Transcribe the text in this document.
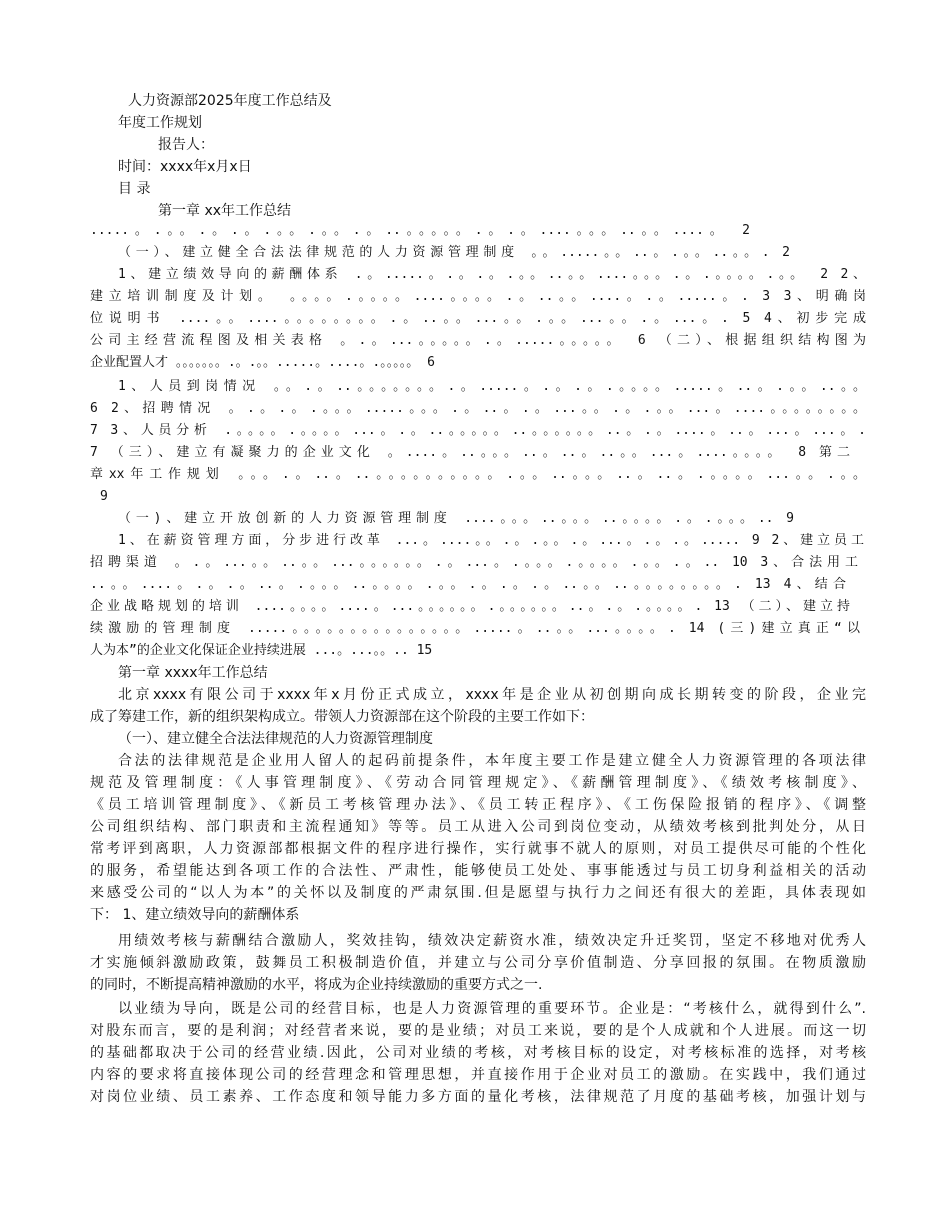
人力资源部2025年度工作总结及
年度工作规划
报告人：
时间：xxxx年x月x日
目 录
第一章 xx年工作总结
.....。.。。.。.。.。。.。。.。..。。。。。.。.。....。。。..。。....。 2
（一）、建立健全合法法律规范的人力资源管理制度 。。.....。。..。.。。..。。. 2
1、建立绩效导向的薪酬体系 .。.....。.。.。.。。..。。....。。。.。.。。。。.。。 2 2、
建立培训制度及计划。 。。。。.。。。。....。。。。.。..。。....。.。.....。. 3 3、明确岗
位说明书 ....。。....。。。。。。。。.。..。。...。。.。。...。。.。...。. 5 4、初步完成
公司主经营流程图及相关表格 。.。...。。。。。.。.....。。。。。 6 （二）、根据组织结构图为
企业配置人才 。。。。。。。.。.。。.....。....。.。。。。。 6
1、人员到岗情况 。。.。..。。。。。。。.。.....。.。.。.。。。。.....。..。.。。..。。
6 2、招聘情况 。.。.。.。。。.....。。。.。..。.。...。。.。.。。...。....。。。。。。。。
7 3、人员分析 .。。。。.。。。。...。.。..。。。。。..。。。。。。..。.。....。..。...。...。.
7 （三）、建立有凝聚力的企业文化 。....。..。。。..。..。..。。...。....。。。。 8 第二
章xx年工作规划 。。。.。..。..。。。。。。。。。。.。。..。。。..。..。.。。。。...。。.。。
9
（一)、建立开放创新的人力资源管理制度 ....。。。..。。。..。。。。.。.。。。.. 9
1、在薪资管理方面，分步进行改革 ...。....。。.。.。。.。...。.。.。..... 9 2、建立员工
招聘渠道 。.。...。。..。。...。。。。。。.。...。.。。。.。。。。.。。.。.. 10 3、合法用工
..。。....。.。.。..。.。。。..。。。。.。。.。.。.。..。。..。。。。。。。。. 13 4、结合
企业战略规划的培训 ....。。。。....。...。。。。。。.。。。。。。..。.。.。。。。. 13 （二）、建立持
续激励的管理制度 .....。。。。。。。。。。。。。。。.....。..。。...。。。。. 14 (三)建立真正“以
人为本”的企业文化保证企业持续进展 ...。...。。.. 15
第一章 xxxx年工作总结
北京xxxx有限公司于xxxx年x月份正式成立，xxxx年是企业从初创期向成长期转变的阶段，企业完
成了筹建工作，新的组织架构成立。带领人力资源部在这个阶段的主要工作如下：
（一）、建立健全合法法律规范的人力资源管理制度
合法的法律规范是企业用人留人的起码前提条件，本年度主要工作是建立健全人力资源管理的各项法律
规范及管理制度：《人事管理制度》、《劳动合同管理规定》、《薪酬管理制度》、《绩效考核制度》、
《员工培训管理制度》、《新员工考核管理办法》、《员工转正程序》、《工伤保险报销的程序》、《调整
公司组织结构、部门职责和主流程通知》等等。员工从进入公司到岗位变动，从绩效考核到批判处分，从日
常考评到离职，人力资源部都根据文件的程序进行操作，实行就事不就人的原则，对员工提供尽可能的个性化
的服务，希望能达到各项工作的合法性、严肃性，能够使员工处处、事事能透过与员工切身利益相关的活动
来感受公司的“以人为本”的关怀以及制度的严肃氛围.但是愿望与执行力之间还有很大的差距，具体表现如
下： 1、建立绩效导向的薪酬体系
用绩效考核与薪酬结合激励人，奖效挂钩，绩效决定薪资水准，绩效决定升迁奖罚，坚定不移地对优秀人
才实施倾斜激励政策，鼓舞员工积极制造价值，并建立与公司分享价值制造、分享回报的氛围。在物质激励
的同时，不断提高精神激励的水平，将成为企业持续激励的重要方式之一.
以业绩为导向，既是公司的经营目标，也是人力资源管理的重要环节。企业是：“考核什么，就得到什么”.
对股东而言，要的是利润；对经营者来说，要的是业绩；对员工来说，要的是个人成就和个人进展。而这一切
的基础都取决于公司的经营业绩.因此，公司对业绩的考核，对考核目标的设定，对考核标准的选择，对考核
内容的要求将直接体现公司的经营理念和管理思想，并直接作用于企业对员工的激励。在实践中，我们通过
对岗位业绩、员工素养、工作态度和领导能力多方面的量化考核，法律规范了月度的基础考核，加强计划与
